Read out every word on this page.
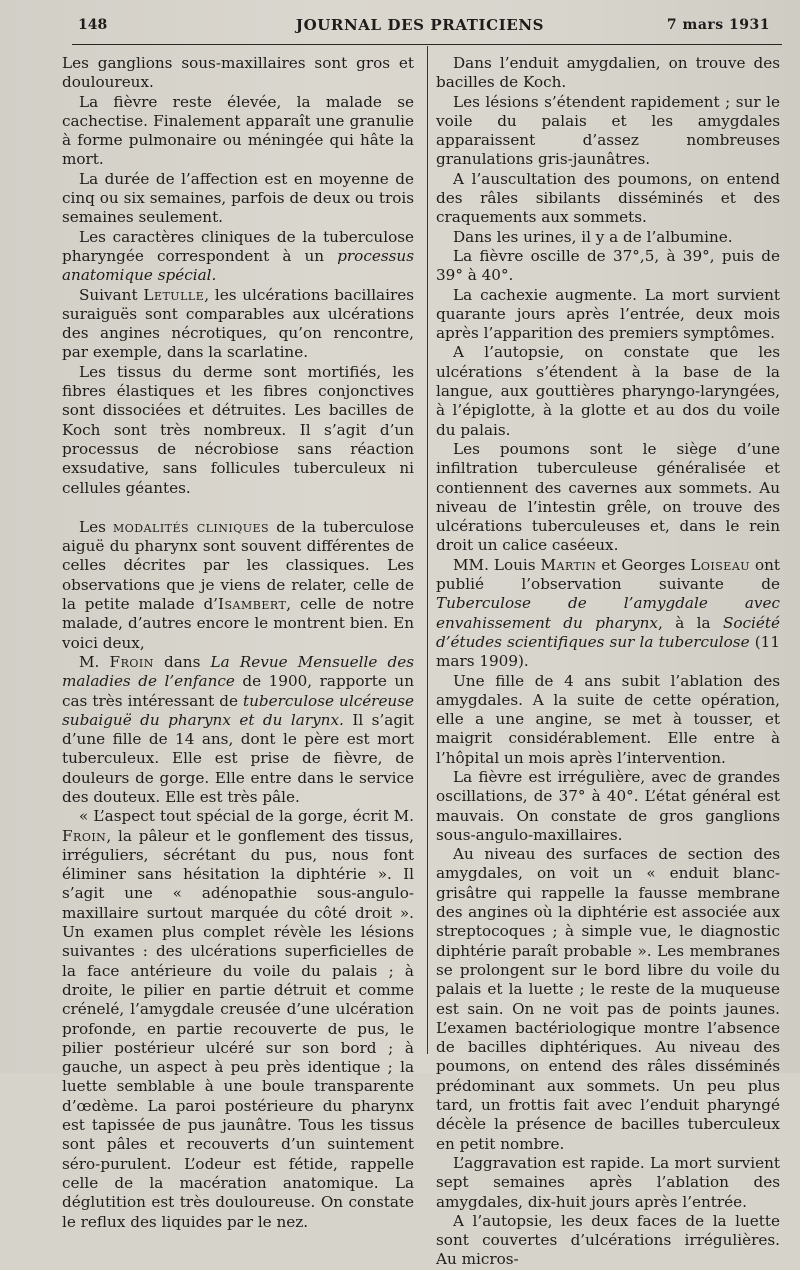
148	JOURNAL DES PRATICIENS	7 mars 1931

Les ganglions sous-maxillaires sont gros et douloureux.

La fièvre reste élevée, la malade se cachectise. Finalement apparaît une granulie à forme pulmonaire ou méningée qui hâte la mort.

La durée de l’affection est en moyenne de cinq ou six semaines, parfois de deux ou trois semaines seulement.

Les caractères cliniques de la tuberculose pharyngée correspondent à un processus anatomique spécial.

Suivant Letulle, les ulcérations bacillaires suraiguës sont comparables aux ulcérations des angines nécrotiques, qu’on rencontre, par exemple, dans la scarlatine.

Les tissus du derme sont mortifiés, les fibres élastiques et les fibres conjonctives sont dissociées et détruites. Les bacilles de Koch sont très nombreux. Il s’agit d’un processus de nécrobiose sans réaction exsudative, sans follicules tuberculeux ni cellules géantes.

Les modalités cliniques de la tuberculose aiguë du pharynx sont souvent différentes de celles décrites par les classiques. Les observations que je viens de relater, celle de la petite malade d’Isambert, celle de notre malade, d’autres encore le montrent bien. En voici deux,

M. Froin dans La Revue Mensuelle des maladies de l’enfance de 1900, rapporte un cas très intéressant de tuberculose ulcéreuse subaiguë du pharynx et du larynx. Il s’agit d’une fille de 14 ans, dont le père est mort tuberculeux. Elle est prise de fièvre, de douleurs de gorge. Elle entre dans le service des douteux. Elle est très pâle.

« L’aspect tout spécial de la gorge, écrit M. Froin, la pâleur et le gonflement des tissus, irréguliers, sécrétant du pus, nous font éliminer sans hésitation la diphtérie ». Il s’agit une « adénopathie sous-angulo-maxillaire surtout marquée du côté droit ». Un examen plus complet révèle les lésions suivantes : des ulcérations superficielles de la face antérieure du voile du palais ; à droite, le pilier en partie détruit et comme crénelé, l’amygdale creusée d’une ulcération profonde, en partie recouverte de pus, le pilier postérieur ulcéré sur son bord ; à gauche, un aspect à peu près identique ; la luette semblable à une boule transparente d’œdème. La paroi postérieure du pharynx est tapissée de pus jaunâtre. Tous les tissus sont pâles et recouverts d’un suintement séro-purulent. L’odeur est fétide, rappelle celle de la macération anatomique. La déglutition est très douloureuse. On constate le reflux des liquides par le nez.

Dans l’enduit amygdalien, on trouve des bacilles de Koch.

Les lésions s’étendent rapidement ; sur le voile du palais et les amygdales apparaissent d’assez nombreuses granulations gris-jaunâtres.

A l’auscultation des poumons, on entend des râles sibilants disséminés et des craquements aux sommets.

Dans les urines, il y a de l’albumine.

La fièvre oscille de 37°,5, à 39°, puis de 39° à 40°.

La cachexie augmente. La mort survient quarante jours après l’entrée, deux mois après l’apparition des premiers symptômes.

A l’autopsie, on constate que les ulcérations s’étendent à la base de la langue, aux gouttières pharyngo-laryngées, à l’épiglotte, à la glotte et au dos du voile du palais.

Les poumons sont le siège d’une infiltration tuberculeuse généralisée et contiennent des cavernes aux sommets. Au niveau de l’intestin grêle, on trouve des ulcérations tuberculeuses et, dans le rein droit un calice caséeux.

MM. Louis Martin et Georges Loiseau ont publié l’observation suivante de Tuberculose de l’amygdale avec envahissement du pharynx, à la Société d’études scientifiques sur la tuberculose (11 mars 1909).

Une fille de 4 ans subit l’ablation des amygdales. A la suite de cette opération, elle a une angine, se met à tousser, et maigrit considérablement. Elle entre à l’hôpital un mois après l’intervention.

La fièvre est irrégulière, avec de grandes oscillations, de 37° à 40°. L’état général est mauvais. On constate de gros ganglions sous-angulo-maxillaires.

Au niveau des surfaces de section des amygdales, on voit un « enduit blanc-grisâtre qui rappelle la fausse membrane des angines où la diphtérie est associée aux streptocoques ; à simple vue, le diagnostic diphtérie paraît probable ». Les membranes se prolongent sur le bord libre du voile du palais et la luette ; le reste de la muqueuse est sain. On ne voit pas de points jaunes. L’examen bactériologique montre l’absence de bacilles diphtériques. Au niveau des poumons, on entend des râles disséminés prédominant aux sommets. Un peu plus tard, un frottis fait avec l’enduit pharyngé décèle la présence de bacilles tuberculeux en petit nombre.

L’aggravation est rapide. La mort survient sept semaines après l’ablation des amygdales, dix-huit jours après l’entrée.

A l’autopsie, les deux faces de la luette sont couvertes d’ulcérations irrégulières. Au micros-
